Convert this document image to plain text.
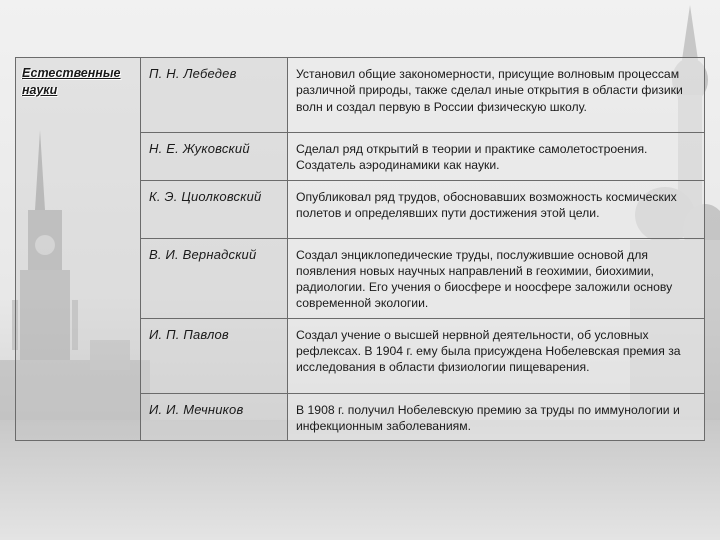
Естественные науки	П. Н. Лебедев	Установил общие закономерности, присущие волновым процессам различной природы, также сделал иные открытия в области физики волн и создал первую в России физическую школу.

	Н. Е. Жуковский	Сделал ряд открытий в теории и практике самолетостроения. Создатель аэродинамики как науки.

	К. Э. Циолковский	Опубликовал ряд трудов, обосновавших возможность космических полетов и определявших пути достижения этой цели.

	В. И. Вернадский	Создал энциклопедические труды, послужившие основой для появления новых научных направлений в геохимии, биохимии, радиологии. Его учения о биосфере и ноосфере заложили основу современной экологии.

	И. П. Павлов	Создал учение о высшей нервной деятельности, об условных рефлексах. В 1904 г. ему была присуждена Нобелевская премия за исследования в области физиологии пищеварения.

	И. И. Мечников	В 1908 г. получил Нобелевскую премию за труды по иммунологии и инфекционным заболеваниям.
